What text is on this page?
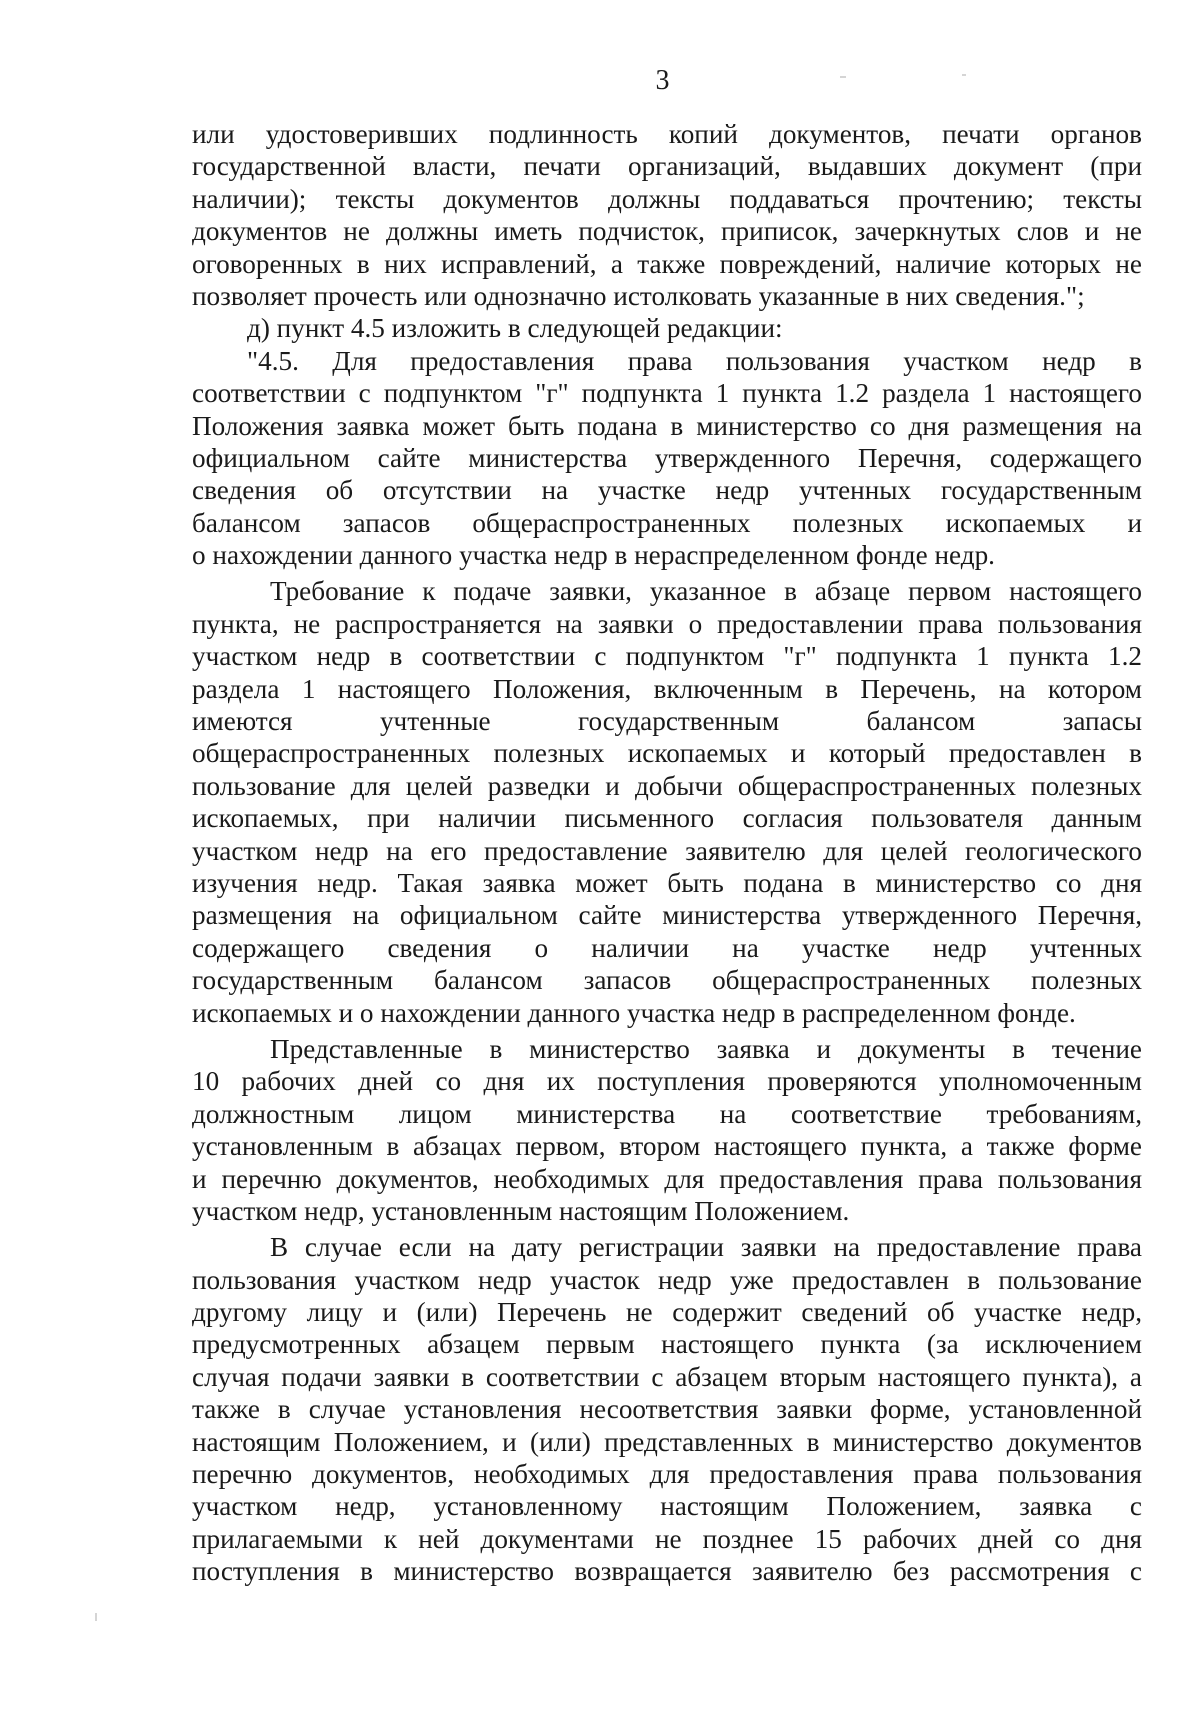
3
или удостоверивших подлинность копий документов, печати органов
государственной власти, печати организаций, выдавших документ (при
наличии); тексты документов должны поддаваться прочтению; тексты
документов не должны иметь подчисток, приписок, зачеркнутых слов и не
оговоренных в них исправлений, а также повреждений, наличие которых не
позволяет прочесть или однозначно истолковать указанные в них сведения.";
д) пункт 4.5 изложить в следующей редакции:
"4.5. Для предоставления права пользования участком недр в
соответствии с подпунктом "г" подпункта 1 пункта 1.2 раздела 1 настоящего
Положения заявка может быть подана в министерство со дня размещения на
официальном сайте министерства утвержденного Перечня, содержащего
сведения об отсутствии на участке недр учтенных государственным
балансом запасов общераспространенных полезных ископаемых и
о нахождении данного участка недр в нераспределенном фонде недр.
Требование к подаче заявки, указанное в абзаце первом настоящего
пункта, не распространяется на заявки о предоставлении права пользования
участком недр в соответствии с подпунктом "г" подпункта 1 пункта 1.2
раздела 1 настоящего Положения, включенным в Перечень, на котором
имеются учтенные государственным балансом запасы
общераспространенных полезных ископаемых и который предоставлен в
пользование для целей разведки и добычи общераспространенных полезных
ископаемых, при наличии письменного согласия пользователя данным
участком недр на его предоставление заявителю для целей геологического
изучения недр. Такая заявка может быть подана в министерство со дня
размещения на официальном сайте министерства утвержденного Перечня,
содержащего сведения о наличии на участке недр учтенных
государственным балансом запасов общераспространенных полезных
ископаемых и о нахождении данного участка недр в распределенном фонде.
Представленные в министерство заявка и документы в течение
10 рабочих дней со дня их поступления проверяются уполномоченным
должностным лицом министерства на соответствие требованиям,
установленным в абзацах первом, втором настоящего пункта, а также форме
и перечню документов, необходимых для предоставления права пользования
участком недр, установленным настоящим Положением.
В случае если на дату регистрации заявки на предоставление права
пользования участком недр участок недр уже предоставлен в пользование
другому лицу и (или) Перечень не содержит сведений об участке недр,
предусмотренных абзацем первым настоящего пункта (за исключением
случая подачи заявки в соответствии с абзацем вторым настоящего пункта), а
также в случае установления несоответствия заявки форме, установленной
настоящим Положением, и (или) представленных в министерство документов
перечню документов, необходимых для предоставления права пользования
участком недр, установленному настоящим Положением, заявка с
прилагаемыми к ней документами не позднее 15 рабочих дней со дня
поступления в министерство возвращается заявителю без рассмотрения с
